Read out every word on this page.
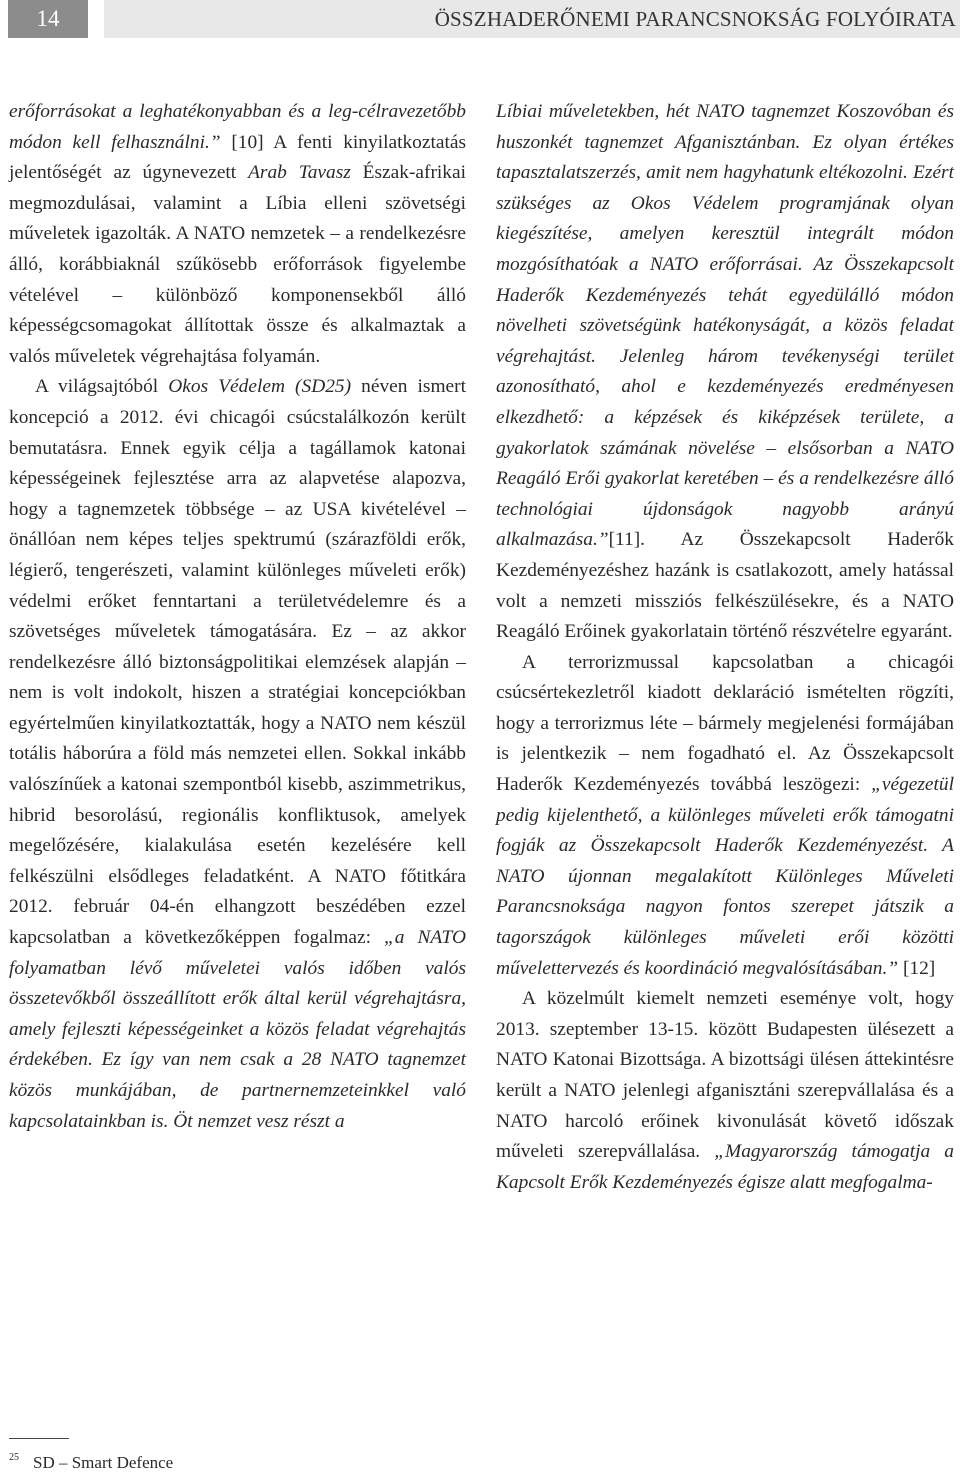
14	ÖSSZHADERŐNEMI PARANCSNOKSÁG FOLYÓIRATA

erőforrásokat a leghatékonyabban és a leg-célravezetőbb módon kell felhasználni.” [10] A fenti kinyilatkoztatás jelentőségét az úgynevezett Arab Tavasz Észak-afrikai megmozdulásai, valamint a Líbia elleni szövetségi műveletek igazolták. A NATO nemzetek – a rendelkezésre álló, korábbiaknál szűkösebb erőforrások figyelembe vételével – különböző komponensekből álló képességcsomagokat állítottak össze és alkalmaztak a valós műveletek végrehajtása folyamán.

A világsajtóból Okos Védelem (SD25) néven ismert koncepció a 2012. évi chicagói csúcstalálkozón került bemutatásra. Ennek egyik célja a tagállamok katonai képességeinek fejlesztése arra az alapvetése alapozva, hogy a tagnemzetek többsége – az USA kivételével – önállóan nem képes teljes spektrumú (szárazföldi erők, légierő, tengerészeti, valamint különleges műveleti erők) védelmi erőket fenntartani a területvédelemre és a szövetséges műveletek támogatására. Ez – az akkor rendelkezésre álló biztonságpolitikai elemzések alapján – nem is volt indokolt, hiszen a stratégiai koncepciókban egyértelműen kinyilatkoztatták, hogy a NATO nem készül totális háborúra a föld más nemzetei ellen. Sokkal inkább valószínűek a katonai szempontból kisebb, aszimmetrikus, hibrid besorolású, regionális konfliktusok, amelyek megelőzésére, kialakulása esetén kezelésére kell felkészülni elsődleges feladatként. A NATO főtitkára 2012. február 04-én elhangzott beszédében ezzel kapcsolatban a következőképpen fogalmaz: „a NATO folyamatban lévő műveletei valós időben valós összetevőkből összeállított erők által kerül végrehajtásra, amely fejleszti képességeinket a közös feladat végrehajtás érdekében. Ez így van nem csak a 28 NATO tagnemzet közös munkájában, de partnernemzeteinkkel való kapcsolatainkban is. Öt nemzet vesz részt a

Líbiai műveletekben, hét NATO tagnemzet Koszovóban és huszonkét tagnemzet Afganisztánban. Ez olyan értékes tapasztalatszerzés, amit nem hagyhatunk eltékozolni. Ezért szükséges az Okos Védelem programjának olyan kiegészítése, amelyen keresztül integrált módon mozgósíthatóak a NATO erőforrásai. Az Összekapcsolt Haderők Kezdeményezés tehát egyedülálló módon növelheti szövetségünk hatékonyságát, a közös feladat végrehajtást. Jelenleg három tevékenységi terület azonosítható, ahol e kezdeményezés eredményesen elkezdhető: a képzések és kiképzések területe, a gyakorlatok számának növelése – elsősorban a NATO Reagáló Erői gyakorlat keretében – és a rendelkezésre álló technológiai újdonságok nagyobb arányú alkalmazása.”[11]. Az Összekapcsolt Haderők Kezdeményezéshez hazánk is csatlakozott, amely hatással volt a nemzeti missziós felkészülésekre, és a NATO Reagáló Erőinek gyakorlatain történő részvételre egyaránt.

A terrorizmussal kapcsolatban a chicagói csúcsértekezletről kiadott deklaráció ismételten rögzíti, hogy a terrorizmus léte – bármely megjelenési formájában is jelentkezik – nem fogadható el. Az Összekapcsolt Haderők Kezdeményezés továbbá leszögezi: „végezetül pedig kijelenthető, a különleges műveleti erők támogatni fogják az Összekapcsolt Haderők Kezdeményezést. A NATO újonnan megalakított Különleges Műveleti Parancsnoksága nagyon fontos szerepet játszik a tagországok különleges műveleti erői közötti művelettervezés és koordináció megvalósításában.” [12]

A közelmúlt kiemelt nemzeti eseménye volt, hogy 2013. szeptember 13-15. között Budapesten ülésezett a NATO Katonai Bizottsága. A bizottsági ülésen áttekintésre került a NATO jelenlegi afganisztáni szerepvállalása és a NATO harcoló erőinek kivonulását követő időszak műveleti szerepvállalása. „Magyarország támogatja a Kapcsolt Erők Kezdeményezés égisze alatt megfogalma-

$^{25}$ SD – Smart Defence
